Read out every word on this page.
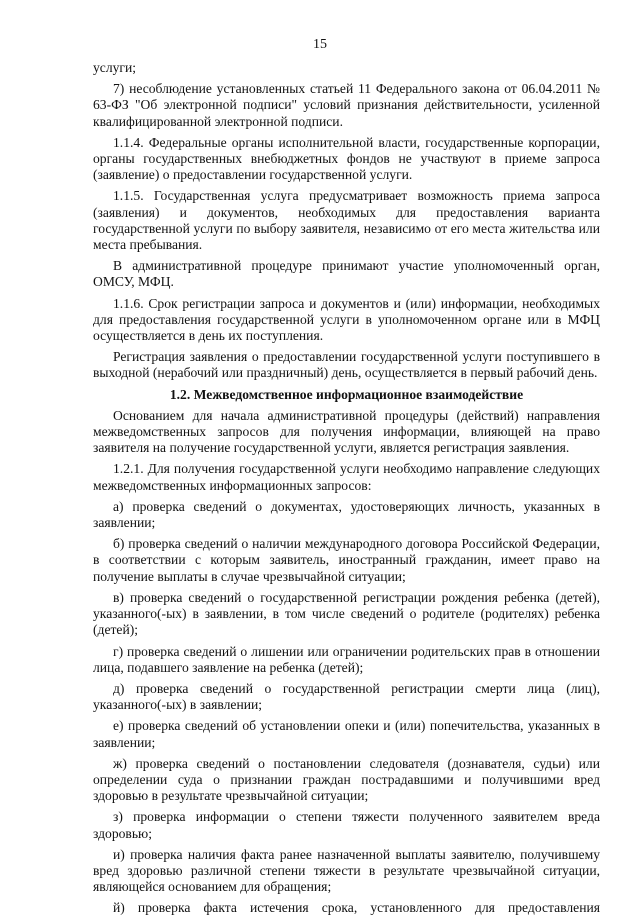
15

услуги;

7) несоблюдение установленных статьей 11 Федерального закона от 06.04.2011 № 63-ФЗ "Об электронной подписи" условий признания действительности, усиленной квалифицированной электронной подписи.

1.1.4. Федеральные органы исполнительной власти, государственные корпорации, органы государственных внебюджетных фондов не участвуют в приеме запроса (заявление) о предоставлении государственной услуги.

1.1.5. Государственная услуга предусматривает возможность приема запроса (заявления) и документов, необходимых для предоставления варианта государственной услуги по выбору заявителя, независимо от его места жительства или места пребывания.

В административной процедуре принимают участие уполномоченный орган, ОМСУ, МФЦ.

1.1.6. Срок регистрации запроса и документов и (или) информации, необходимых для предоставления государственной услуги в уполномоченном органе или в МФЦ осуществляется в день их поступления.

Регистрация заявления о предоставлении государственной услуги поступившего в выходной (нерабочий или праздничный) день, осуществляется в первый рабочий день.

1.2. Межведомственное информационное взаимодействие

Основанием для начала административной процедуры (действий) направления межведомственных запросов для получения информации, влияющей на право заявителя на получение государственной услуги, является регистрация заявления.

1.2.1. Для получения государственной услуги необходимо направление следующих межведомственных информационных запросов:

а) проверка сведений о документах, удостоверяющих личность, указанных в заявлении;

б) проверка сведений о наличии международного договора Российской Федерации, в соответствии с которым заявитель, иностранный гражданин, имеет право на получение выплаты в случае чрезвычайной ситуации;

в) проверка сведений о государственной регистрации рождения ребенка (детей), указанного(-ых) в заявлении, в том числе сведений о родителе (родителях) ребенка (детей);

г) проверка сведений о лишении или ограничении родительских прав в отношении лица, подавшего заявление на ребенка (детей);

д) проверка сведений о государственной регистрации смерти лица (лиц), указанного(-ых) в заявлении;

е) проверка сведений об установлении опеки и (или) попечительства, указанных в заявлении;

ж) проверка сведений о постановлении следователя (дознавателя, судьи) или определении суда о признании граждан пострадавшими и получившими вред здоровью в результате чрезвычайной ситуации;

з) проверка информации о степени тяжести полученного заявителем вреда здоровью;

и) проверка наличия факта ранее назначенной выплаты заявителю, получившему вред здоровью различной степени тяжести в результате чрезвычайной ситуации, являющейся основанием для обращения;

й) проверка факта истечения срока, установленного для предоставления
